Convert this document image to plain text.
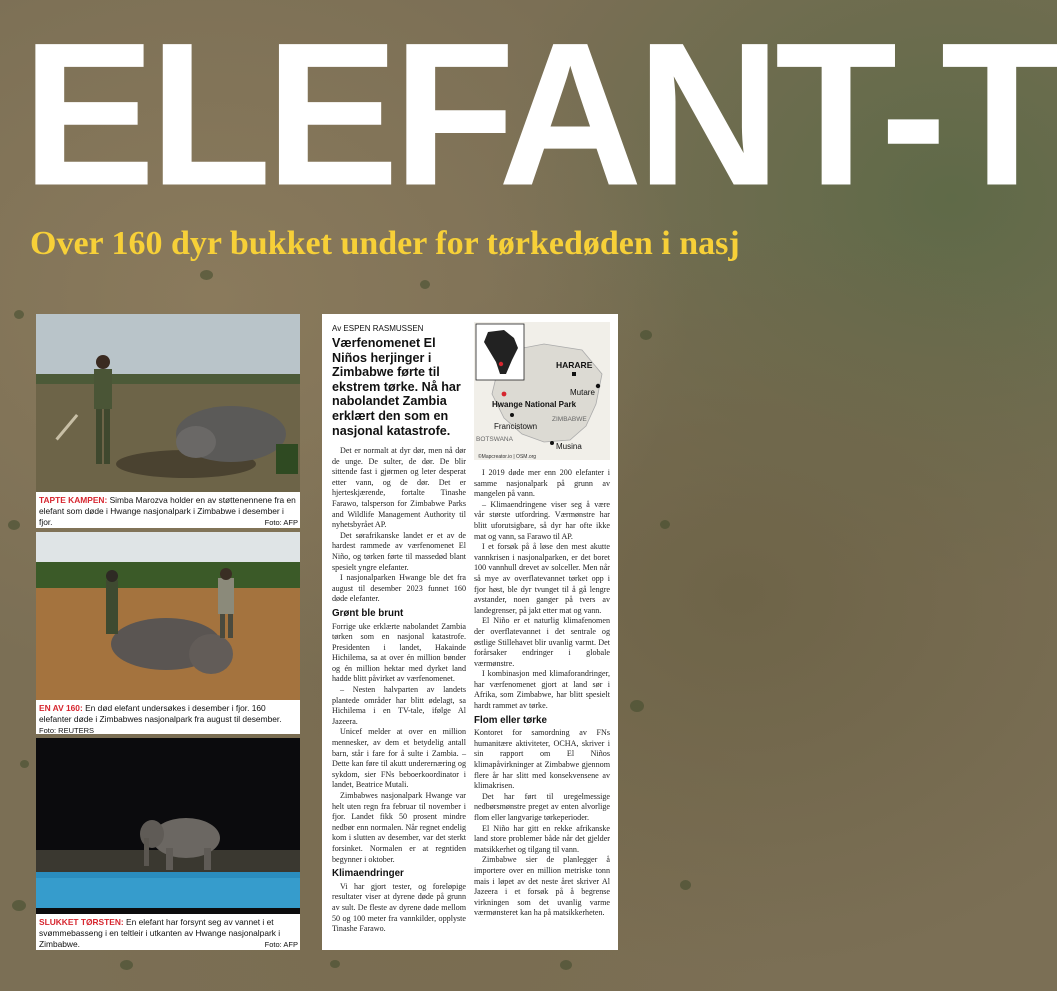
ELEFANT-T
Over 160 dyr bukket under for tørkedøden i nasj
TAPTE KAMPEN: Simba Marozva holder en av støttenennene fra en elefant som døde i Hwange nasjonalpark i Zimbabwe i desember i fjor.	Foto: AFP
EN AV 160: En død elefant undersøkes i desember i fjor. 160 elefanter døde i Zimbabwes nasjonalpark fra august til desember.
Foto: REUTERS
SLUKKET TØRSTEN: En elefant har forsynt seg av vannet i et svømmebasseng i en teltleir i utkanten av Hwange nasjonalpark i Zimbabwe.	Foto: AFP
Av ESPEN RASMUSSEN
Værfenomenet El Niños herjinger i Zimbabwe førte til ekstrem tørke. Nå har nabolandet Zambia erklært den som en nasjonal katastrofe.
HARARE
Mutare
Hwange National Park
Francistown
ZIMBABWE
BOTSWANA
Musina
©Mapcreator.io | OSM.org

Det er normalt at dyr dør, men nå dør de unge. De sulter, de dør. De blir sittende fast i gjørmen og leter desperat etter vann, og de dør. Det er hjerteskjærende, fortalte Tinashe Farawo, talsperson for Zimbabwe Parks and Wildlife Management Authority til nyhetsbyrået AP.

Det sørafrikanske landet er et av de hardest rammede av værfenomenet El Niño, og tørken førte til massedød blant spesielt yngre elefanter.

I nasjonalparken Hwange ble det fra august til desember 2023 funnet 160 døde elefanter.

Grønt ble brunt

Forrige uke erklærte nabolandet Zambia tørken som en nasjonal katastrofe. Presidenten i landet, Hakainde Hichilema, sa at over én million bønder og én million hektar med dyrket land hadde blitt påvirket av værfenomenet.

– Nesten halvparten av landets plantede områder har blitt ødelagt, sa Hichilema i en TV-tale, ifølge Al Jazeera.

Unicef melder at over en million mennesker, av dem et betydelig antall barn, står i fare for å sulte i Zambia. – Dette kan føre til akutt underernæring og sykdom, sier FNs beboerkoordinator i landet, Beatrice Mutali.

Zimbabwes nasjonalpark Hwange var helt uten regn fra februar til november i fjor. Landet fikk 50 prosent mindre nedbør enn normalen. Når regnet endelig kom i slutten av desember, var det sterkt forsinket. Normalen er at regntiden begynner i oktober.

Klimaendringer

Vi har gjort tester, og foreløpige resultater viser at dyrene døde på grunn av sult. De fleste av dyrene døde mellom 50 og 100 meter fra vannkilder, opplyste Tinashe Farawo.

I 2019 døde mer enn 200 elefanter i samme nasjonalpark på grunn av mangelen på vann.

– Klimaendringene viser seg å være vår største utfordring. Værmønstre har blitt uforutsigbare, så dyr har ofte ikke mat og vann, sa Farawo til AP.

I et forsøk på å løse den mest akutte vannkrisen i nasjonalparken, er det boret 100 vannhull drevet av solceller. Men når så mye av overflatevannet tørket opp i fjor høst, ble dyr tvunget til å gå lengre avstander, noen ganger på tvers av landegrenser, på jakt etter mat og vann.

El Niño er et naturlig klimafenomen der overflatevannet i det sentrale og østlige Stillehavet blir uvanlig varmt. Det forårsaker endringer i globale værmønstre.

I kombinasjon med klimaforandringer, har værfenomenet gjort at land sør i Afrika, som Zimbabwe, har blitt spesielt hardt rammet av tørke.

Flom eller tørke

Kontoret for samordning av FNs humanitære aktiviteter, OCHA, skriver i sin rapport om El Niños klimapåvirkninger at Zimbabwe gjennom flere år har slitt med konsekvensene av klimakrisen.

Det har ført til uregelmessige nedbørsmønstre preget av enten alvorlige flom eller langvarige tørkeperioder.

El Niño har gitt en rekke afrikanske land store problemer både når det gjelder matsikkerhet og tilgang til vann.

Zimbabwe sier de planlegger å importere over en million metriske tonn mais i løpet av det neste året skriver Al Jazeera i et forsøk på å begrense virkningen som det uvanlig varme værmønsteret kan ha på matsikkerheten.
